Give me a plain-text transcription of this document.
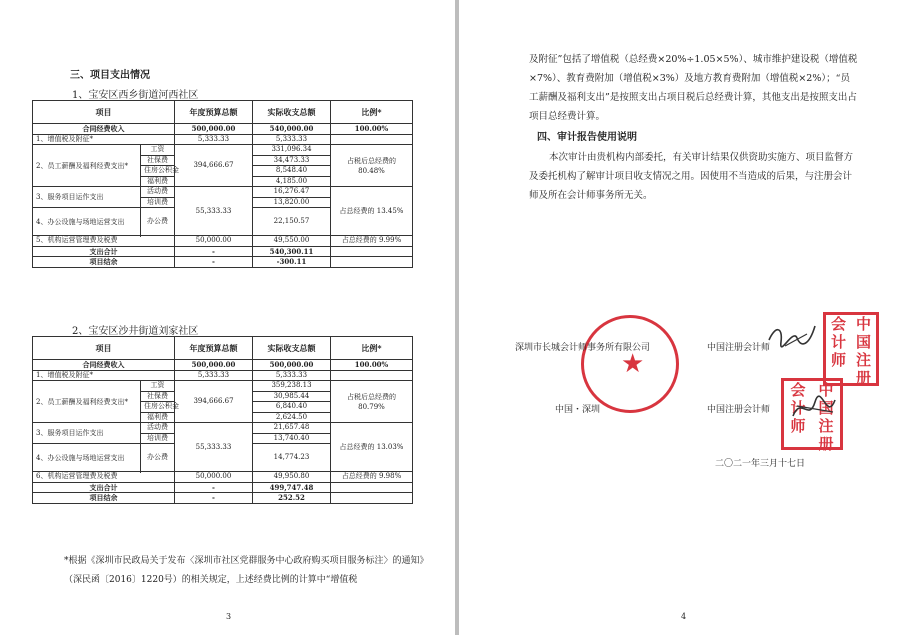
三、项目支出情况
1、宝安区西乡街道河西社区
项目	年度预算总额	实际收支总额	比例*
合同经费收入	500,000.00	540,000.00	100.00%
1、增值税及附征*	5,333.33	5,333.33	
2、员工薪酬及福利经费支出*	工资	394,666.67	331,096.34	占税后总经费的80.48%
社保费	34,473.33
住房公积金	8,548.40
福利费	4,185.00
3、服务项目运作支出	活动费	55,333.33	16,276.47	占总经费的 13.45%
培训费	13,820.00
4、办公设施与场地运营支出	办公费	22,150.57

5、机构运营管理费及税费	50,000.00	49,550.00	占总经费的 9.99%
支出合计	-	540,300.11	
项目结余	-	-300.11	
2、宝安区沙井街道刘家社区
项目	年度预算总额	实际收支总额	比例*
合同经费收入	500,000.00	500,000.00	100.00%
1、增值税及附征*	5,333.33	5,333.33	
2、员工薪酬及福利经费支出*	工资	394,666.67	359,238.13	占税后总经费的80.79%
社保费	30,985.44
住房公积金	6,840.40
福利费	2,624.50
3、服务项目运作支出	活动费	55,333.33	21,657.48	占总经费的 13.03%
培训费	13,740.40
4、办公设施与场地运营支出	办公费	14,774.23

6、机构运营管理费及税费	50,000.00	49,950.80	占总经费的 9.98%
支出合计	-	499,747.48	
项目结余	-	252.52	
*根据《深圳市民政局关于发布〈深圳市社区党群服务中心政府购买项目服务标注〉的通知》（深民函〔2016〕1220号）的相关规定，上述经费比例的计算中“增值税
3
及附征”包括了增值税（总经费×20%÷1.05×5%）、城市维护建设税（增值税×7%）、教育费附加（增值税×3%）及地方教育费附加（增值税×2%）；“员工薪酬及福利支出”是按照支出占项目税后总经费计算，其他支出是按照支出占项目总经费计算。
四、审计报告使用说明
本次审计由贵机构内部委托，有关审计结果仅供资助实施方、项目监督方及委托机构了解审计项目收支情况之用。因使用不当造成的后果，与注册会计师及所在会计师事务所无关。
★
深圳市长城会计师事务所有限公司
中国・深圳
中国注册会计师
中国注册会计师
会 中
计 国
师 注
册
会 中
计 国
师 注
册
二〇二一年三月十七日
4
